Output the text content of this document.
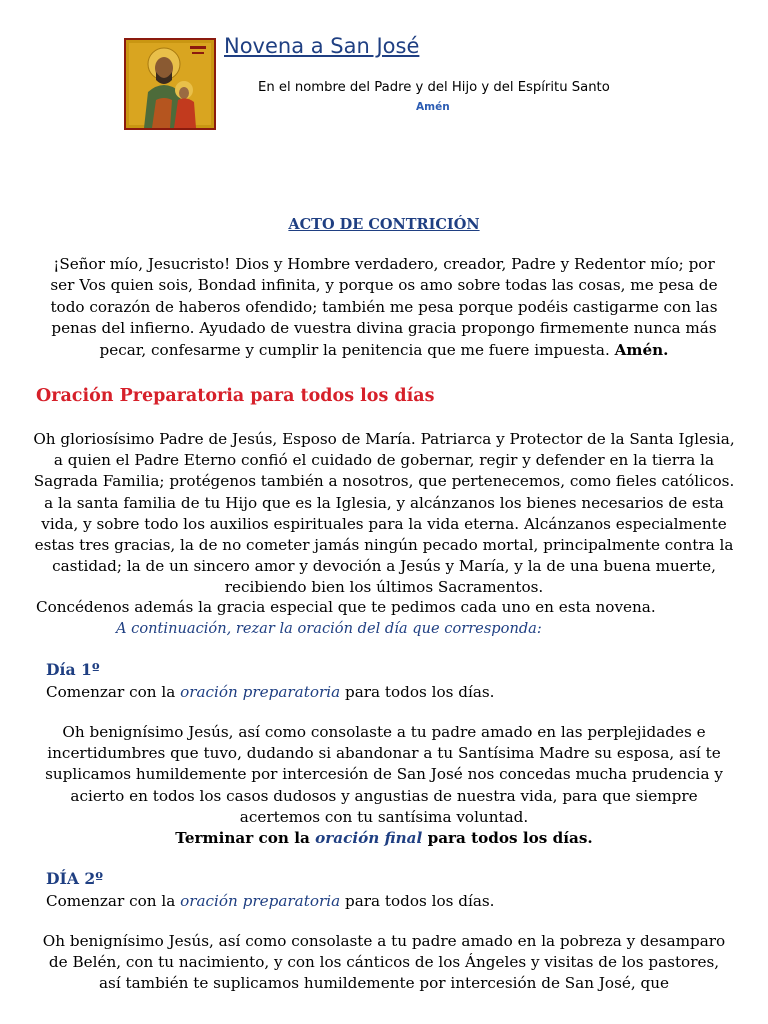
Novena a San José
En el nombre del Padre y del Hijo y del Espíritu Santo
Amén
ACTO DE CONTRICIÓN
¡Señor mío, Jesucristo! Dios y Hombre verdadero, creador, Padre y Redentor mío; por ser Vos quien sois, Bondad infinita, y porque os amo sobre todas las cosas, me pesa de todo corazón de haberos ofendido; también me pesa porque podéis castigarme con las penas del infierno. Ayudado de vuestra divina gracia propongo firmemente nunca más pecar, confesarme y cumplir la penitencia que me fuere impuesta. Amén.
Oración Preparatoria para todos los días
Oh gloriosísimo Padre de Jesús, Esposo de María. Patriarca y Protector de la Santa Iglesia, a quien el Padre Eterno confió el cuidado de gobernar, regir y defender en la tierra la Sagrada Familia; protégenos también a nosotros, que pertenecemos, como fieles católicos. a la santa familia de tu Hijo que es la Iglesia, y alcánzanos los bienes necesarios de esta vida, y sobre todo los auxilios espirituales para la vida eterna. Alcánzanos especialmente estas tres gracias, la de no cometer jamás ningún pecado mortal, principalmente contra la castidad; la de un sincero amor y devoción a Jesús y María, y la de una buena muerte, recibiendo bien los últimos Sacramentos.
Concédenos además la gracia especial que te pedimos cada uno en esta novena.
A continuación, rezar la oración del día que corresponda:
Día 1º
Comenzar con la oración preparatoria para todos los días.
Oh benignísimo Jesús, así como consolaste a tu padre amado en las perplejidades e incertidumbres que tuvo, dudando si abandonar a tu Santísima Madre su esposa, así te suplicamos humildemente por intercesión de San José nos concedas mucha prudencia y acierto en todos los casos dudosos y angustias de nuestra vida, para que siempre acertemos con tu santísima voluntad.
Terminar con la oración final para todos los días.
DÍA 2º
Comenzar con la oración preparatoria para todos los días.
Oh benignísimo Jesús, así como consolaste a tu padre amado en la pobreza y desamparo de Belén, con tu nacimiento, y con los cánticos de los Ángeles y visitas de los pastores, así también te suplicamos humildemente por intercesión de San José, que
